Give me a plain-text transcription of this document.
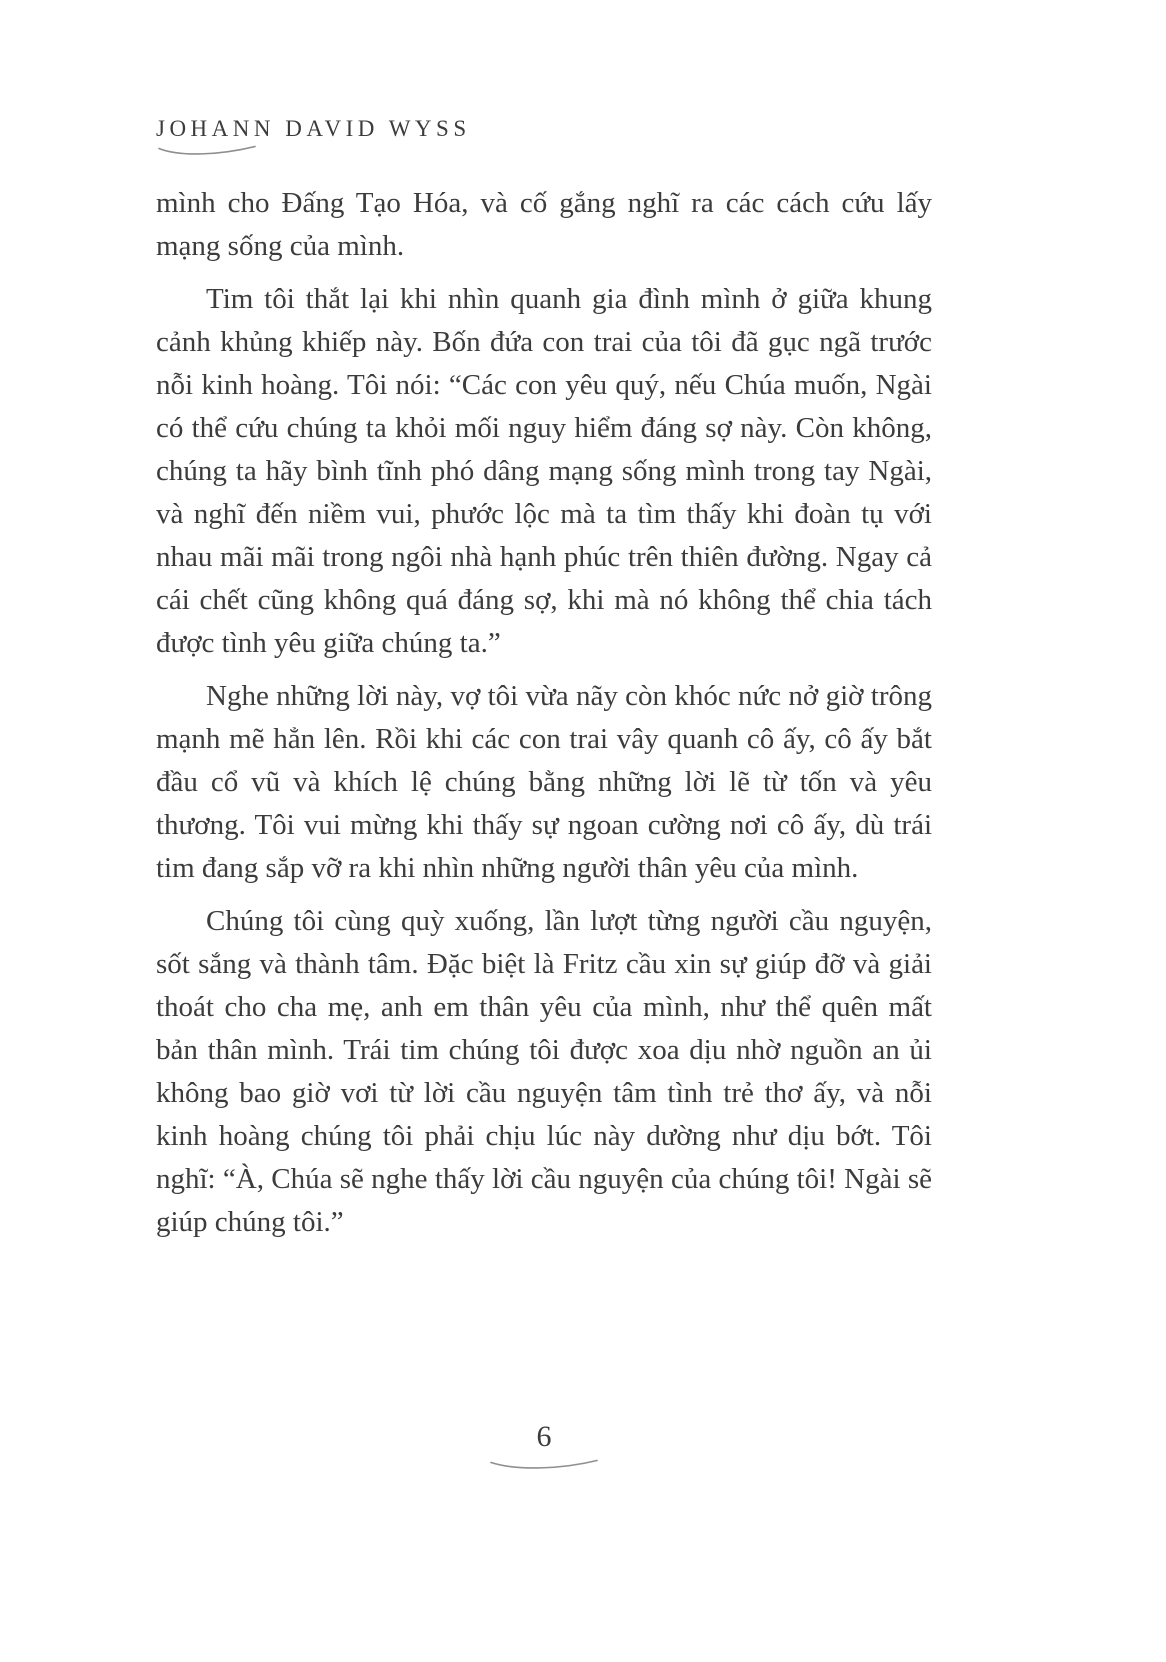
JOHANN DAVID WYSS

mình cho Đấng Tạo Hóa, và cố gắng nghĩ ra các cách cứu lấy mạng sống của mình.

Tim tôi thắt lại khi nhìn quanh gia đình mình ở giữa khung cảnh khủng khiếp này. Bốn đứa con trai của tôi đã gục ngã trước nỗi kinh hoàng. Tôi nói: “Các con yêu quý, nếu Chúa muốn, Ngài có thể cứu chúng ta khỏi mối nguy hiểm đáng sợ này. Còn không, chúng ta hãy bình tĩnh phó dâng mạng sống mình trong tay Ngài, và nghĩ đến niềm vui, phước lộc mà ta tìm thấy khi đoàn tụ với nhau mãi mãi trong ngôi nhà hạnh phúc trên thiên đường. Ngay cả cái chết cũng không quá đáng sợ, khi mà nó không thể chia tách được tình yêu giữa chúng ta.”

Nghe những lời này, vợ tôi vừa nãy còn khóc nức nở giờ trông mạnh mẽ hẳn lên. Rồi khi các con trai vây quanh cô ấy, cô ấy bắt đầu cổ vũ và khích lệ chúng bằng những lời lẽ từ tốn và yêu thương. Tôi vui mừng khi thấy sự ngoan cường nơi cô ấy, dù trái tim đang sắp vỡ ra khi nhìn những người thân yêu của mình.

Chúng tôi cùng quỳ xuống, lần lượt từng người cầu nguyện, sốt sắng và thành tâm. Đặc biệt là Fritz cầu xin sự giúp đỡ và giải thoát cho cha mẹ, anh em thân yêu của mình, như thể quên mất bản thân mình. Trái tim chúng tôi được xoa dịu nhờ nguồn an ủi không bao giờ vơi từ lời cầu nguyện tâm tình trẻ thơ ấy, và nỗi kinh hoàng chúng tôi phải chịu lúc này dường như dịu bớt. Tôi nghĩ: “À, Chúa sẽ nghe thấy lời cầu nguyện của chúng tôi! Ngài sẽ giúp chúng tôi.”

6
